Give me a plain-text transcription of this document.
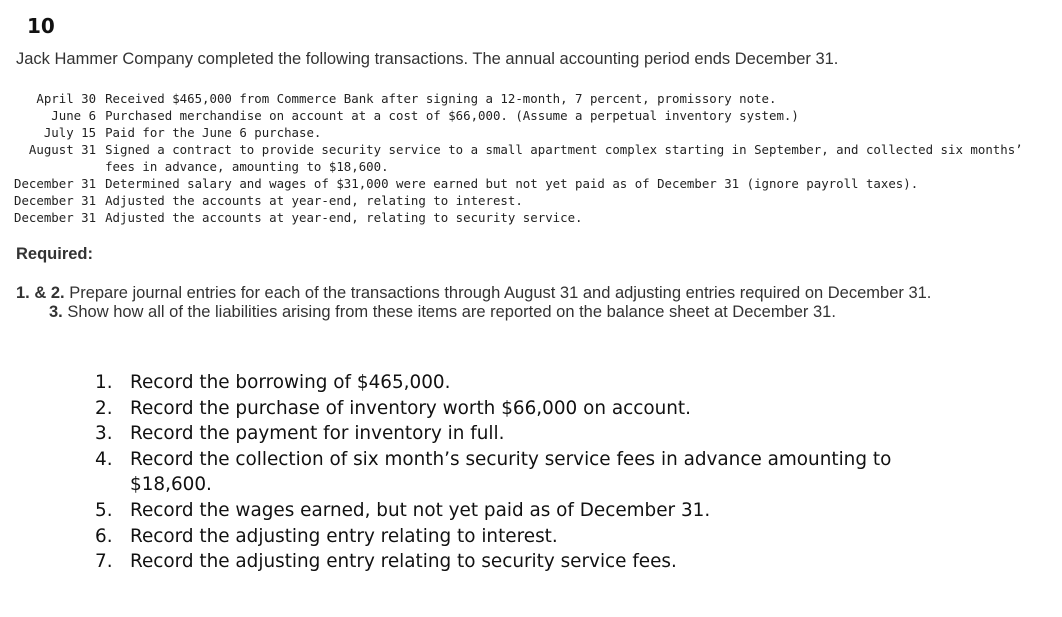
10
Jack Hammer Company completed the following transactions. The annual accounting period ends December 31.
April 30	Received $465,000 from Commerce Bank after signing a 12-month, 7 percent, promissory note.
June 6	Purchased merchandise on account at a cost of $66,000. (Assume a perpetual inventory system.)
July 15	Paid for the June 6 purchase.
August 31	Signed a contract to provide security service to a small apartment complex starting in September, and collected six months’ fees in advance, amounting to $18,600.
December 31	Determined salary and wages of $31,000 were earned but not yet paid as of December 31 (ignore payroll taxes).
December 31	Adjusted the accounts at year-end, relating to interest.
December 31	Adjusted the accounts at year-end, relating to security service.
Required:
1. & 2. Prepare journal entries for each of the transactions through August 31 and adjusting entries required on December 31.
3. Show how all of the liabilities arising from these items are reported on the balance sheet at December 31.
1. Record the borrowing of $465,000.
2. Record the purchase of inventory worth $66,000 on account.
3. Record the payment for inventory in full.
4. Record the collection of six month’s security service fees in advance amounting to $18,600.
5. Record the wages earned, but not yet paid as of December 31.
6. Record the adjusting entry relating to interest.
7. Record the adjusting entry relating to security service fees.
